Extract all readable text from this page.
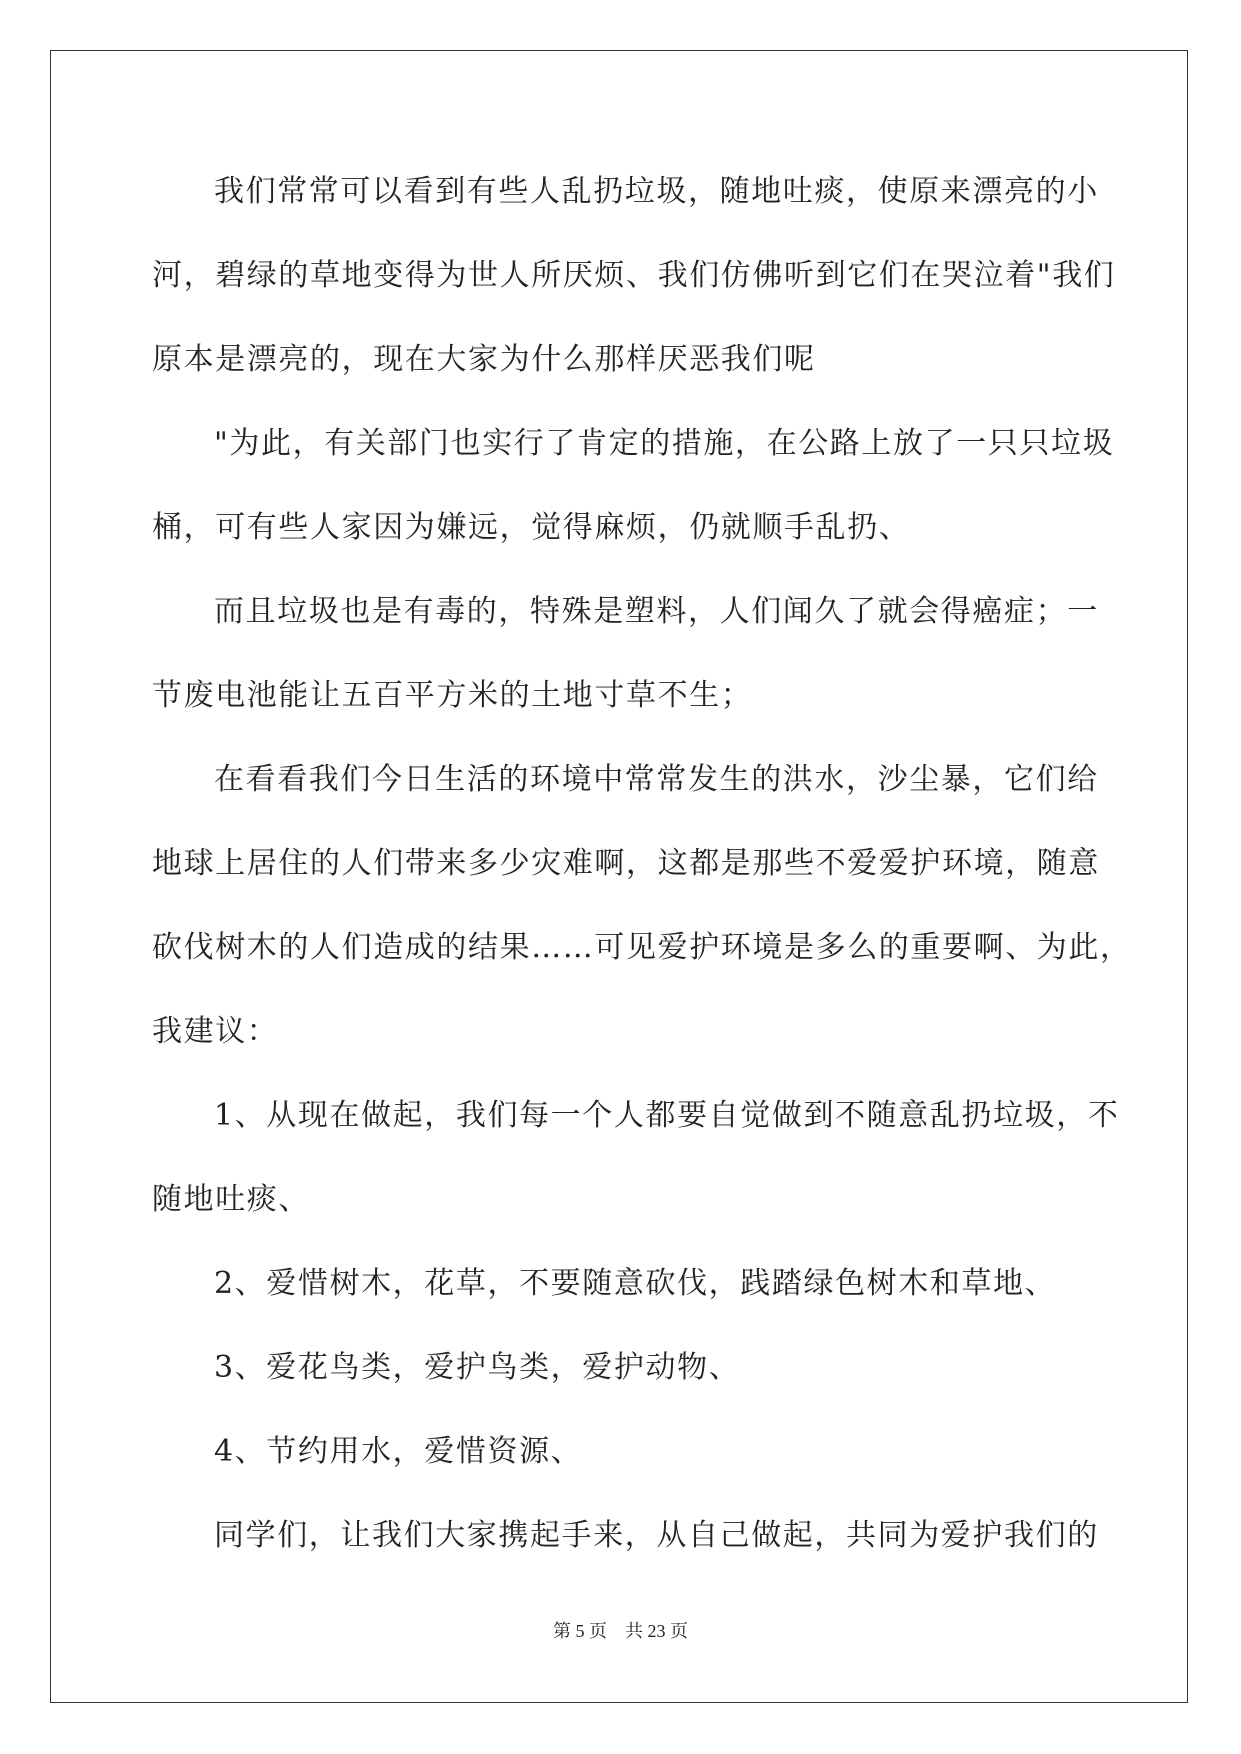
我们常常可以看到有些人乱扔垃圾，随地吐痰，使原来漂亮的小
河，碧绿的草地变得为世人所厌烦、我们仿佛听到它们在哭泣着"我们
原本是漂亮的，现在大家为什么那样厌恶我们呢
"为此，有关部门也实行了肯定的措施，在公路上放了一只只垃圾
桶，可有些人家因为嫌远，觉得麻烦，仍就顺手乱扔、
而且垃圾也是有毒的，特殊是塑料，人们闻久了就会得癌症；一
节废电池能让五百平方米的土地寸草不生；
在看看我们今日生活的环境中常常发生的洪水，沙尘暴，它们给
地球上居住的人们带来多少灾难啊，这都是那些不爱爱护环境，随意
砍伐树木的人们造成的结果……可见爱护环境是多么的重要啊、为此，
我建议：
1、从现在做起，我们每一个人都要自觉做到不随意乱扔垃圾，不
随地吐痰、
2、爱惜树木，花草，不要随意砍伐，践踏绿色树木和草地、
3、爱花鸟类，爱护鸟类，爱护动物、
4、节约用水，爱惜资源、
同学们，让我们大家携起手来，从自己做起，共同为爱护我们的
第 5 页 共 23 页
